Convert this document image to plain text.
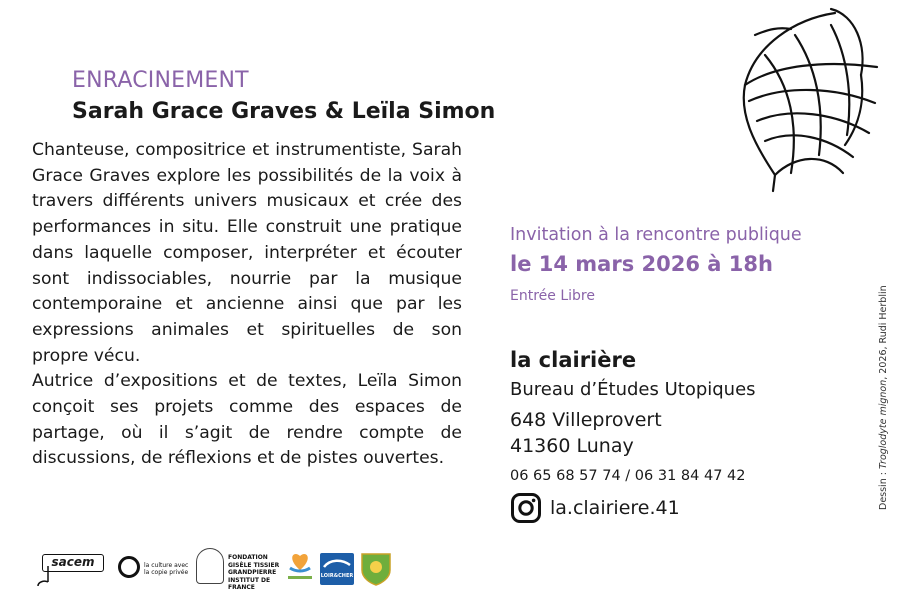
ENRACINEMENT
Sarah Grace Graves & Leïla Simon

Chanteuse, compositrice et instrumentiste, Sarah Grace Graves explore les possibilités de la voix à travers différents univers musicaux et crée des performances in situ. Elle construit une pratique dans laquelle composer, interpréter et écouter sont indissociables, nourrie par la musique contemporaine et ancienne ainsi que par les expressions animales et spirituelles de son propre vécu.

Autrice d’expositions et de textes, Leïla Simon conçoit ses projets comme des espaces de partage, où il s’agit de rendre compte de discussions, de réflexions et de pistes ouvertes.

Invitation à la rencontre publique
le 14 mars 2026 à 18h
Entrée Libre
la clairière
Bureau d’Études Utopiques
648 Villeprovert
41360 Lunay
06 65 68 57 74 / 06 31 84 47 42
la.clairiere.41	Dessin : Troglodyte mignon, 2026, Rudi Herblin
sacem	la culture avec
la copie privée
FONDATION
GISÈLE TISSIER
GRANDPIERRE
INSTITUT DE FRANCE
LOIR&CHER
